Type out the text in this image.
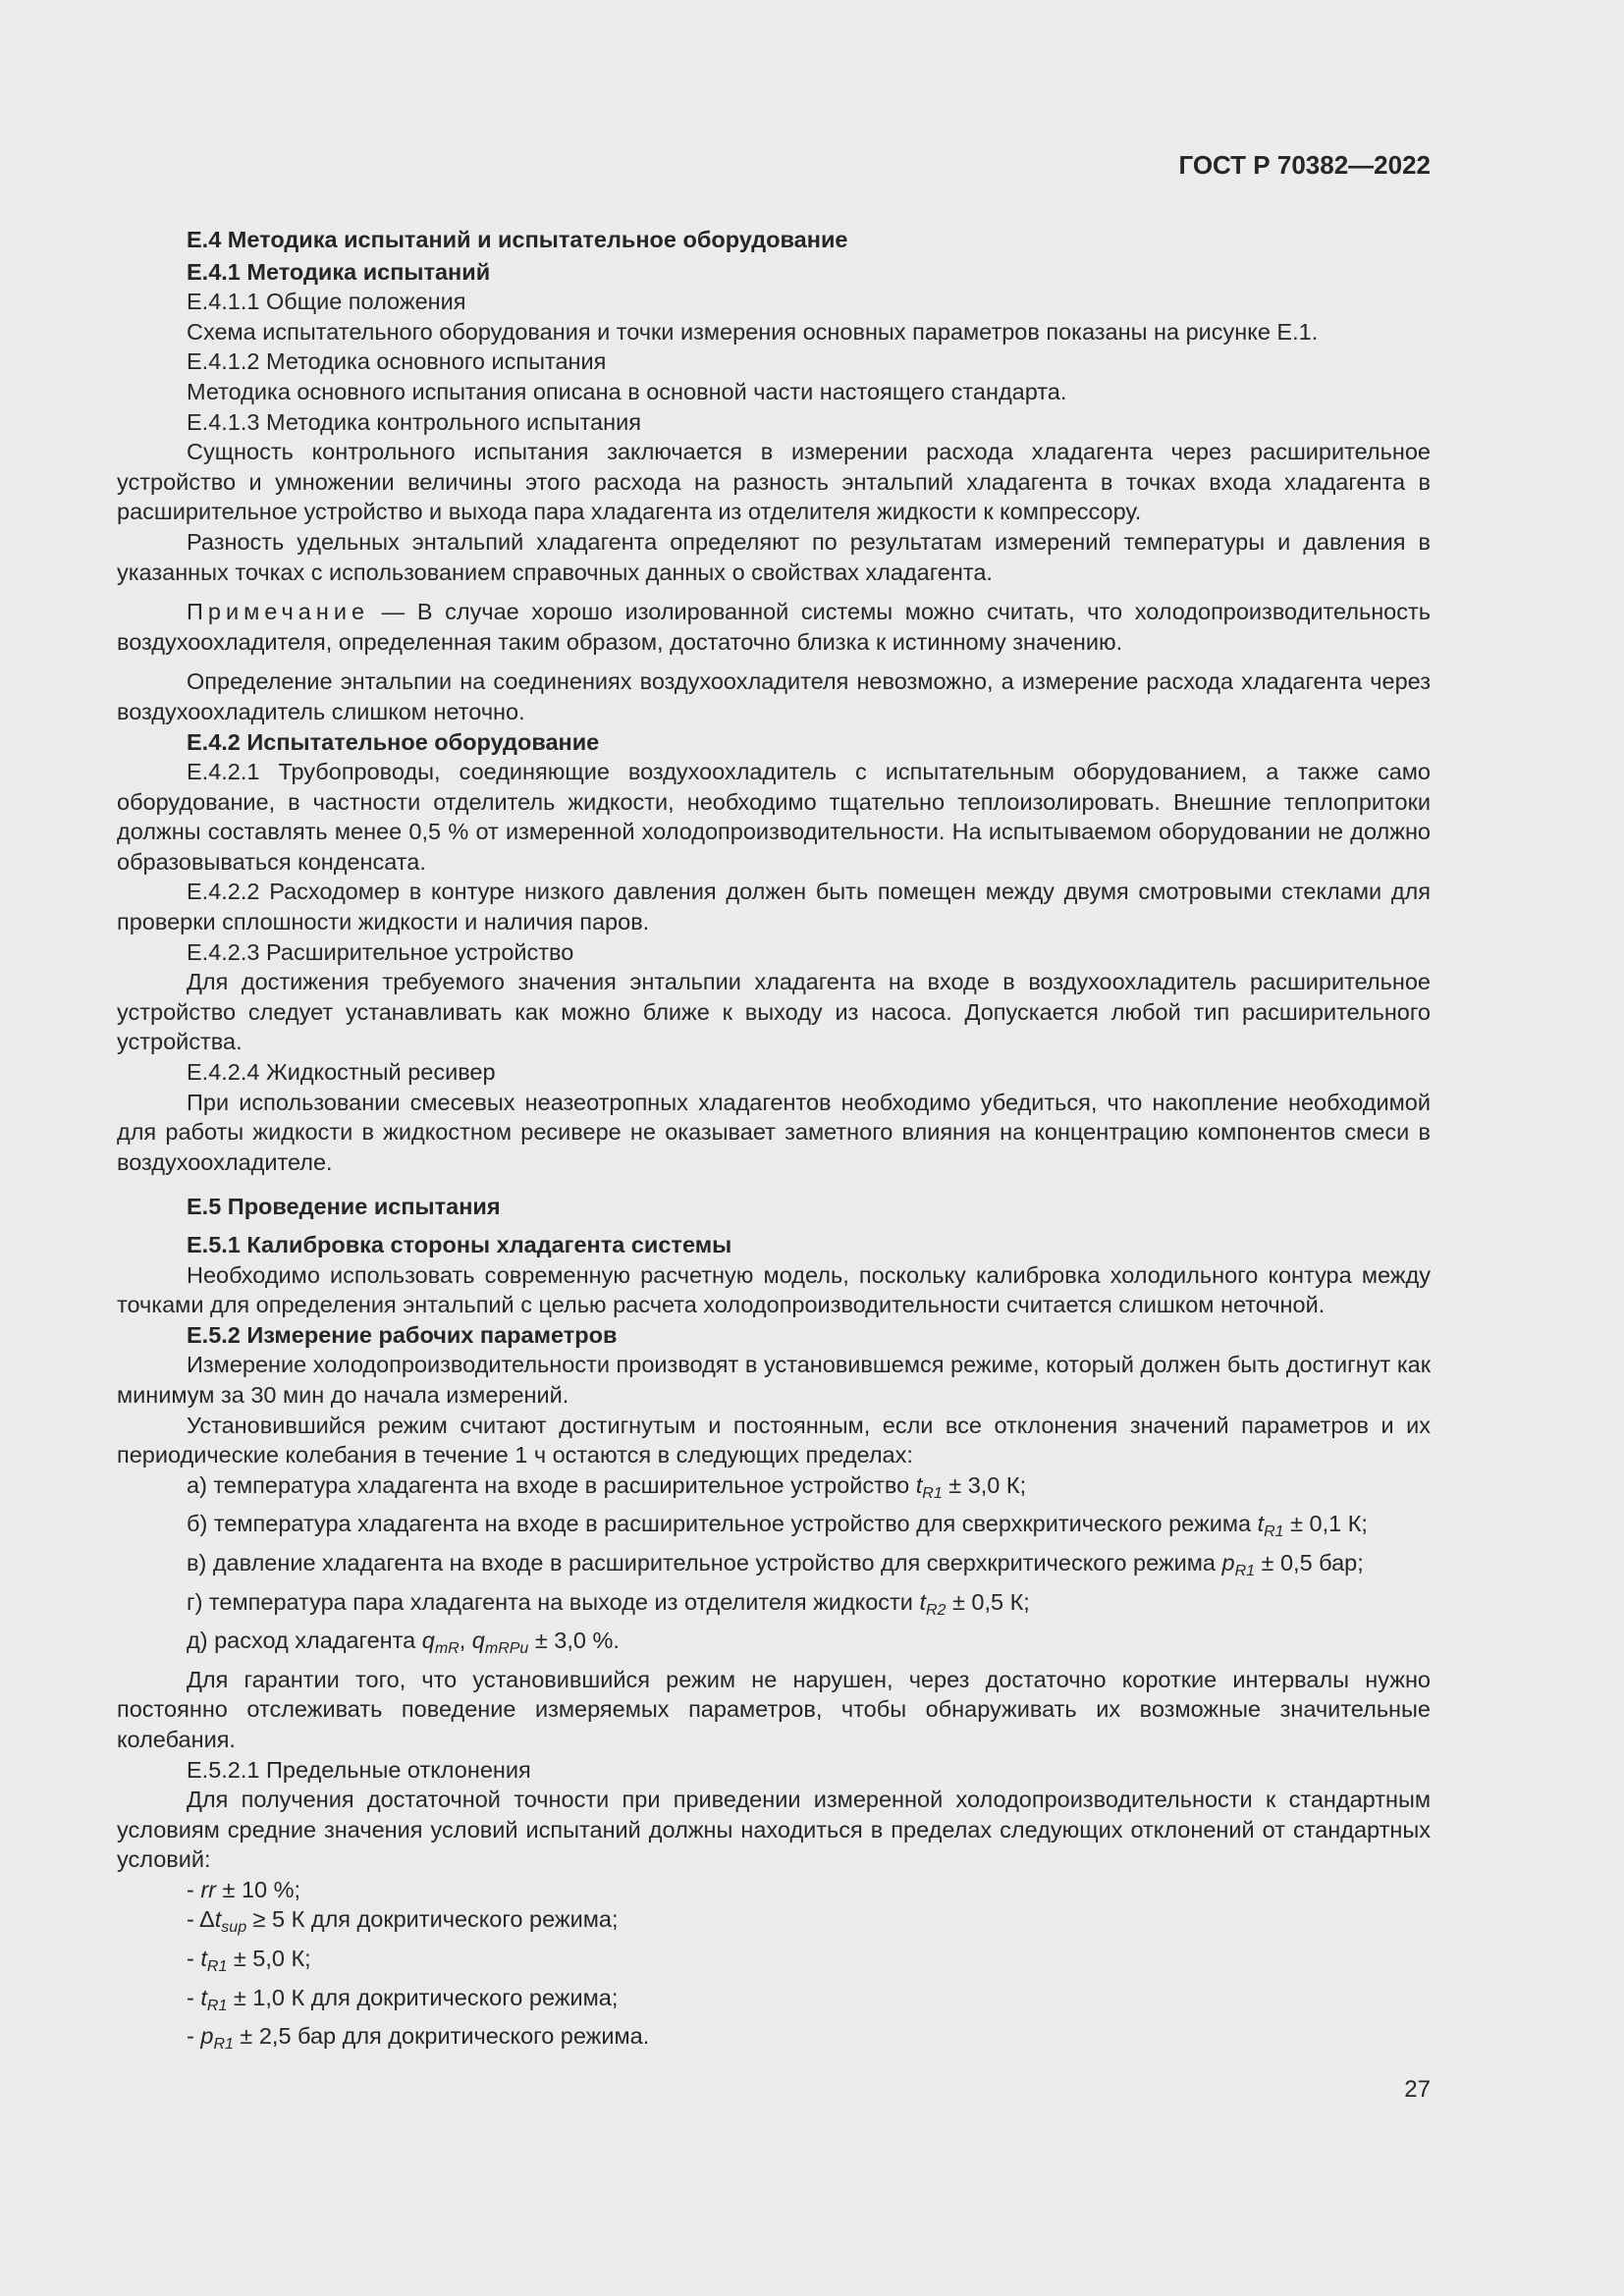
ГОСТ Р 70382—2022

Е.4 Методика испытаний и испытательное оборудование

Е.4.1 Методика испытаний

Е.4.1.1 Общие положения

Схема испытательного оборудования и точки измерения основных параметров показаны на рисунке Е.1.

Е.4.1.2 Методика основного испытания

Методика основного испытания описана в основной части настоящего стандарта.

Е.4.1.3 Методика контрольного испытания

Сущность контрольного испытания заключается в измерении расхода хладагента через расширительное устройство и умножении величины этого расхода на разность энтальпий хладагента в точках входа хладагента в расширительное устройство и выхода пара хладагента из отделителя жидкости к компрессору.

Разность удельных энтальпий хладагента определяют по результатам измерений температуры и давления в указанных точках с использованием справочных данных о свойствах хладагента.

Примечание — В случае хорошо изолированной системы можно считать, что холодопроизводительность воздухоохладителя, определенная таким образом, достаточно близка к истинному значению.

Определение энтальпии на соединениях воздухоохладителя невозможно, а измерение расхода хладагента через воздухоохладитель слишком неточно.

Е.4.2 Испытательное оборудование

Е.4.2.1 Трубопроводы, соединяющие воздухоохладитель с испытательным оборудованием, а также само оборудование, в частности отделитель жидкости, необходимо тщательно теплоизолировать. Внешние теплопритоки должны составлять менее 0,5 % от измеренной холодопроизводительности. На испытываемом оборудовании не должно образовываться конденсата.

Е.4.2.2 Расходомер в контуре низкого давления должен быть помещен между двумя смотровыми стеклами для проверки сплошности жидкости и наличия паров.

Е.4.2.3 Расширительное устройство

Для достижения требуемого значения энтальпии хладагента на входе в воздухоохладитель расширительное устройство следует устанавливать как можно ближе к выходу из насоса. Допускается любой тип расширительного устройства.

Е.4.2.4 Жидкостный ресивер

При использовании смесевых неазеотропных хладагентов необходимо убедиться, что накопление необходимой для работы жидкости в жидкостном ресивере не оказывает заметного влияния на концентрацию компонентов смеси в воздухоохладителе.

Е.5 Проведение испытания

Е.5.1 Калибровка стороны хладагента системы

Необходимо использовать современную расчетную модель, поскольку калибровка холодильного контура между точками для определения энтальпий с целью расчета холодопроизводительности считается слишком неточной.

Е.5.2 Измерение рабочих параметров

Измерение холодопроизводительности производят в установившемся режиме, который должен быть достигнут как минимум за 30 мин до начала измерений.

Установившийся режим считают достигнутым и постоянным, если все отклонения значений параметров и их периодические колебания в течение 1 ч остаются в следующих пределах:

а) температура хладагента на входе в расширительное устройство $t_{R1} \pm 3,0$ К;

б) температура хладагента на входе в расширительное устройство для сверхкритического режима $t_{R1} \pm 0,1$ К;

в) давление хладагента на входе в расширительное устройство для сверхкритического режима $p_{R1} \pm 0,5$ бар;

г) температура пара хладагента на выходе из отделителя жидкости $t_{R2} \pm 0,5$ К;

д) расход хладагента $q_{mR}$, $q_{mRPu} \pm 3,0$ %.

Для гарантии того, что установившийся режим не нарушен, через достаточно короткие интервалы нужно постоянно отслеживать поведение измеряемых параметров, чтобы обнаруживать их возможные значительные колебания.

Е.5.2.1 Предельные отклонения

Для получения достаточной точности при приведении измеренной холодопроизводительности к стандартным условиям средние значения условий испытаний должны находиться в пределах следующих отклонений от стандартных условий:

- rr ± 10 %;

- $\Delta t_{sup} \ge 5$ К для докритического режима;

- $t_{R1} \pm 5,0$ К;

- $t_{R1} \pm 1,0$ К для докритического режима;

- $p_{R1} \pm 2,5$ бар для докритического режима.

27
